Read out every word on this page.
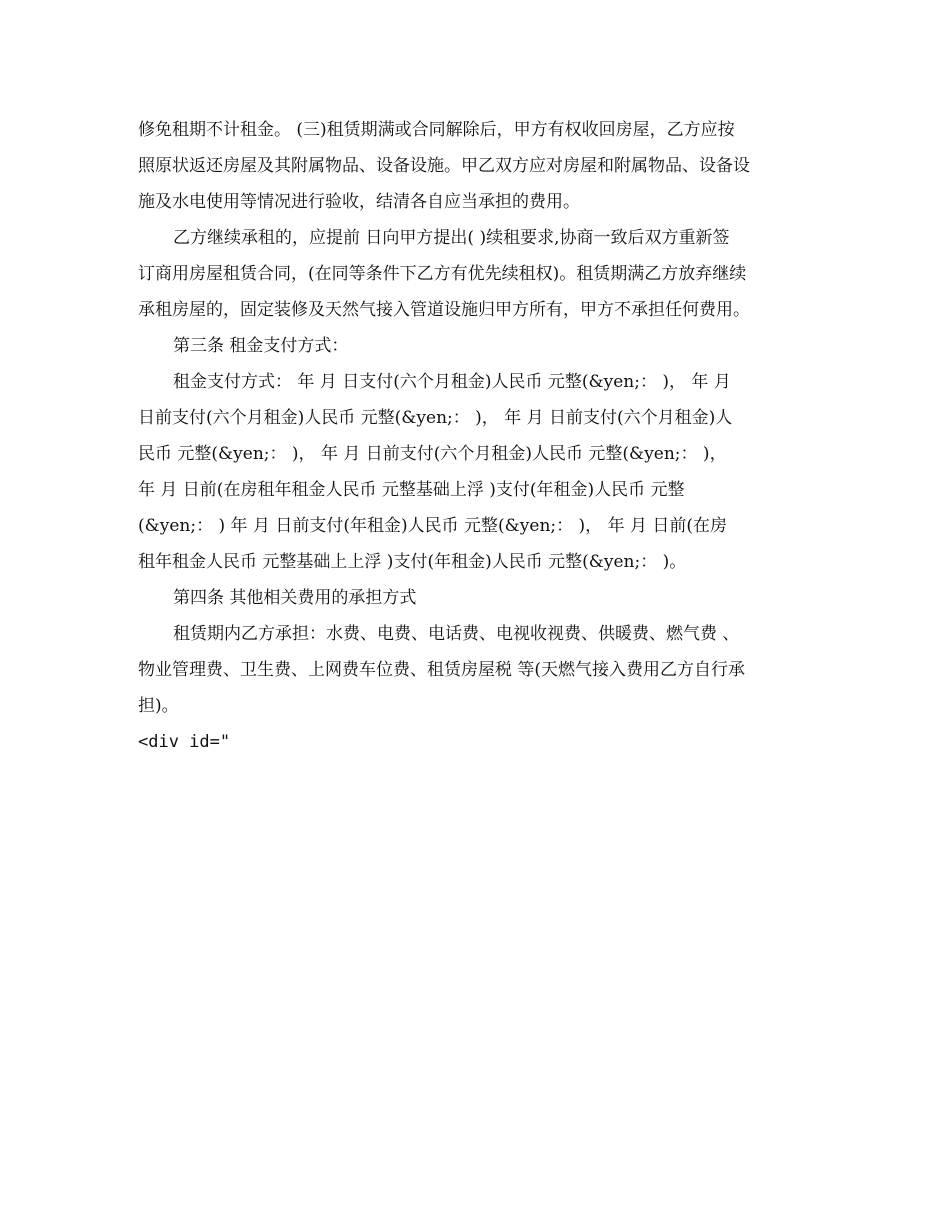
修免租期不计租金。 (三)租赁期满或合同解除后，甲方有权收回房屋，乙方应按
照原状返还房屋及其附属物品、设备设施。甲乙双方应对房屋和附属物品、设备设
施及水电使用等情况进行验收，结清各自应当承担的费用。
乙方继续承租的，应提前 日向甲方提出( )续租要求,协商一致后双方重新签
订商用房屋租赁合同，(在同等条件下乙方有优先续租权)。租赁期满乙方放弃继续
承租房屋的，固定装修及天然气接入管道设施归甲方所有，甲方不承担任何费用。
第三条 租金支付方式：
租金支付方式： 年 月 日支付(六个月租金)人民币 元整(&yen;： )， 年 月
日前支付(六个月租金)人民币 元整(&yen;： )， 年 月 日前支付(六个月租金)人
民币 元整(&yen;： )， 年 月 日前支付(六个月租金)人民币 元整(&yen;： )，
年 月 日前(在房租年租金人民币 元整基础上浮 )支付(年租金)人民币 元整
(&yen;： ) 年 月 日前支付(年租金)人民币 元整(&yen;： )， 年 月 日前(在房
租年租金人民币 元整基础上上浮 )支付(年租金)人民币 元整(&yen;： )。
第四条 其他相关费用的承担方式
租赁期内乙方承担：水费、电费、电话费、电视收视费、供暖费、燃气费 、
物业管理费、卫生费、上网费车位费、租赁房屋税 等(天燃气接入费用乙方自行承
担)。
<div id="
